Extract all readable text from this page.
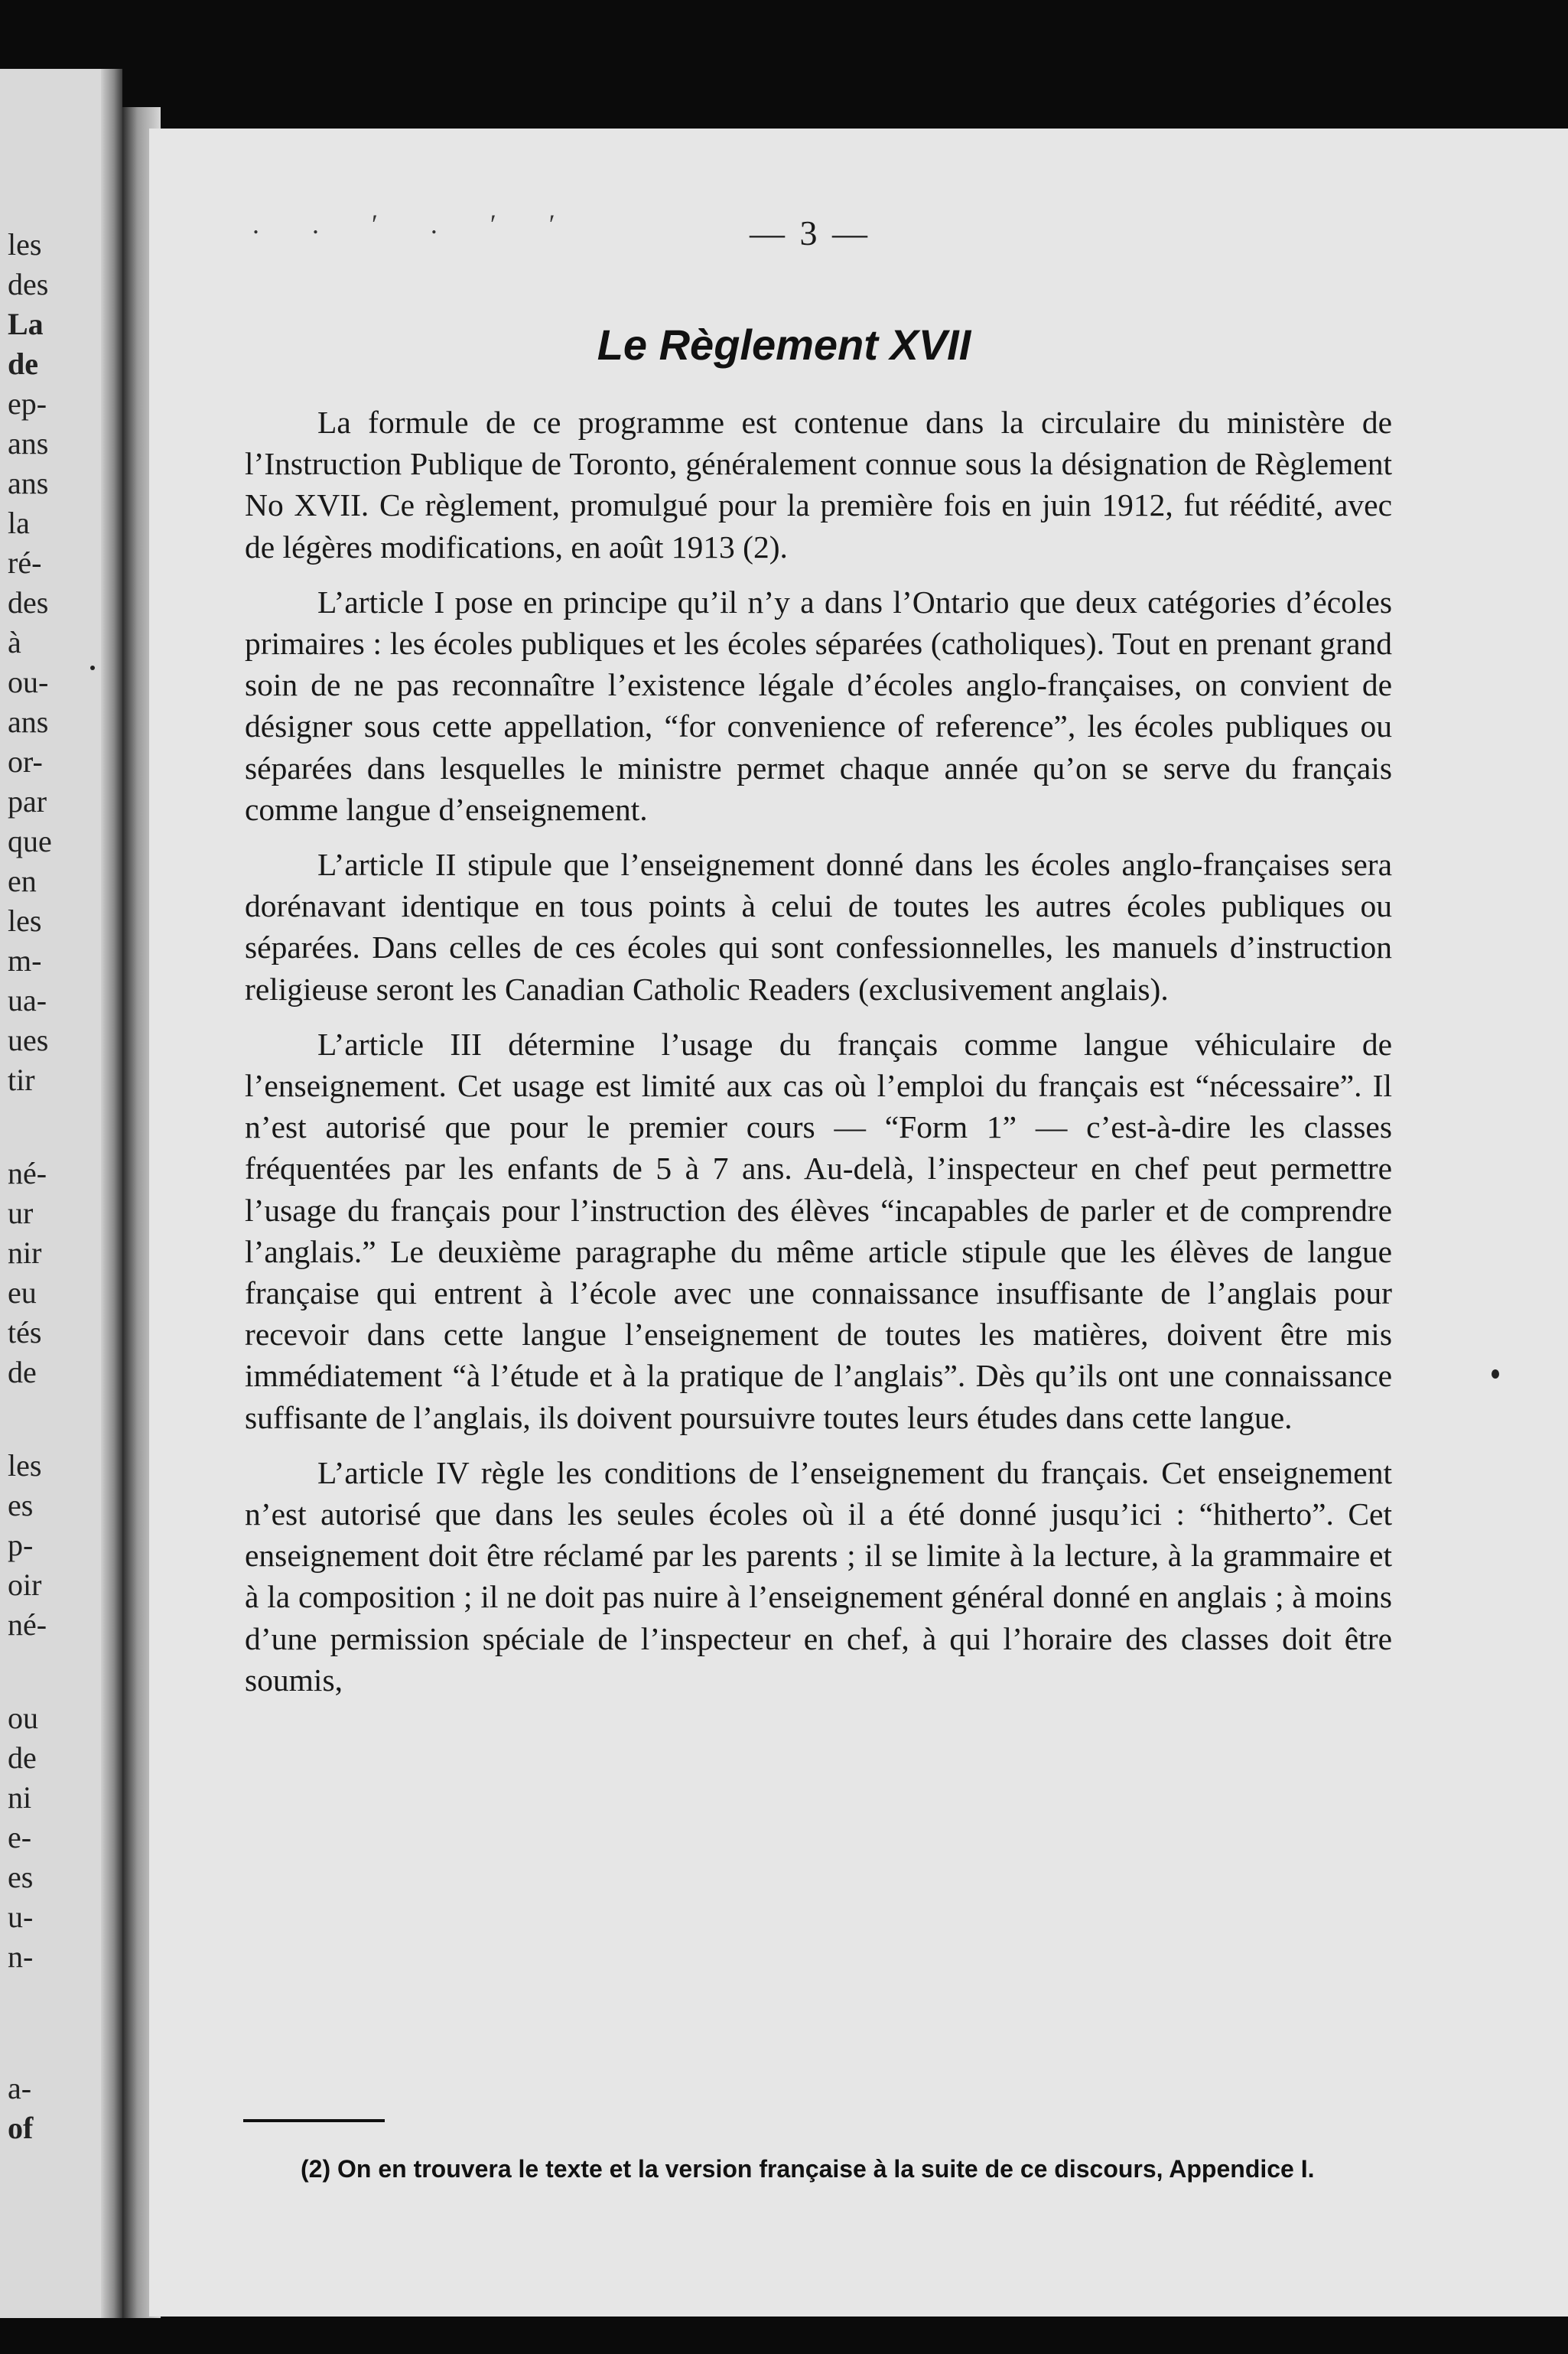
les
des
La
de
ep-
ans
ans
la
ré-
des
à
ou-
ans
or-
par
que
en
les
m-
ua-
ues
tir
né-
ur
nir
eu
tés
de
les
es
p-
oir
né-
ou
de
ni
e-
es
u-
n-
a-
of
. . ′ . ′ ′	— 3 —
Le Règlement XVII

La formule de ce programme est contenue dans la circulaire du ministère de l’Instruction Publique de Toronto, généralement connue sous la désignation de Règlement No XVII. Ce règlement, promulgué pour la première fois en juin 1912, fut réédité, avec de légères modifications, en août 1913 (2).

L’article I pose en principe qu’il n’y a dans l’Ontario que deux catégories d’écoles primaires : les écoles publiques et les écoles séparées (catholiques). Tout en prenant grand soin de ne pas reconnaître l’existence légale d’écoles anglo-françaises, on convient de désigner sous cette appellation, “for convenience of reference”, les écoles publiques ou séparées dans lesquelles le ministre permet chaque année qu’on se serve du français comme langue d’enseignement.

L’article II stipule que l’enseignement donné dans les écoles anglo-françaises sera dorénavant identique en tous points à celui de toutes les autres écoles publiques ou séparées. Dans celles de ces écoles qui sont confessionnelles, les manuels d’instruction religieuse seront les Canadian Catholic Readers (exclusivement anglais).

L’article III détermine l’usage du français comme langue véhiculaire de l’enseignement. Cet usage est limité aux cas où l’emploi du français est “nécessaire”. Il n’est autorisé que pour le premier cours — “Form 1” — c’est-à-dire les classes fréquentées par les enfants de 5 à 7 ans. Au-delà, l’inspecteur en chef peut permettre l’usage du français pour l’instruction des élèves “incapables de parler et de comprendre l’anglais.” Le deuxième paragraphe du même article stipule que les élèves de langue française qui entrent à l’école avec une connaissance insuffisante de l’anglais pour recevoir dans cette langue l’enseignement de toutes les matières, doivent être mis immédiatement “à l’étude et à la pratique de l’anglais”. Dès qu’ils ont une connaissance suffisante de l’anglais, ils doivent poursuivre toutes leurs études dans cette langue.

L’article IV règle les conditions de l’enseignement du français. Cet enseignement n’est autorisé que dans les seules écoles où il a été donné jusqu’ici : “hitherto”. Cet enseignement doit être réclamé par les parents ; il se limite à la lecture, à la grammaire et à la composition ; il ne doit pas nuire à l’enseignement général donné en anglais ; à moins d’une permission spéciale de l’inspecteur en chef, à qui l’horaire des classes doit être soumis,

(2) On en trouvera le texte et la version française à la suite de ce discours, Appendice I.
